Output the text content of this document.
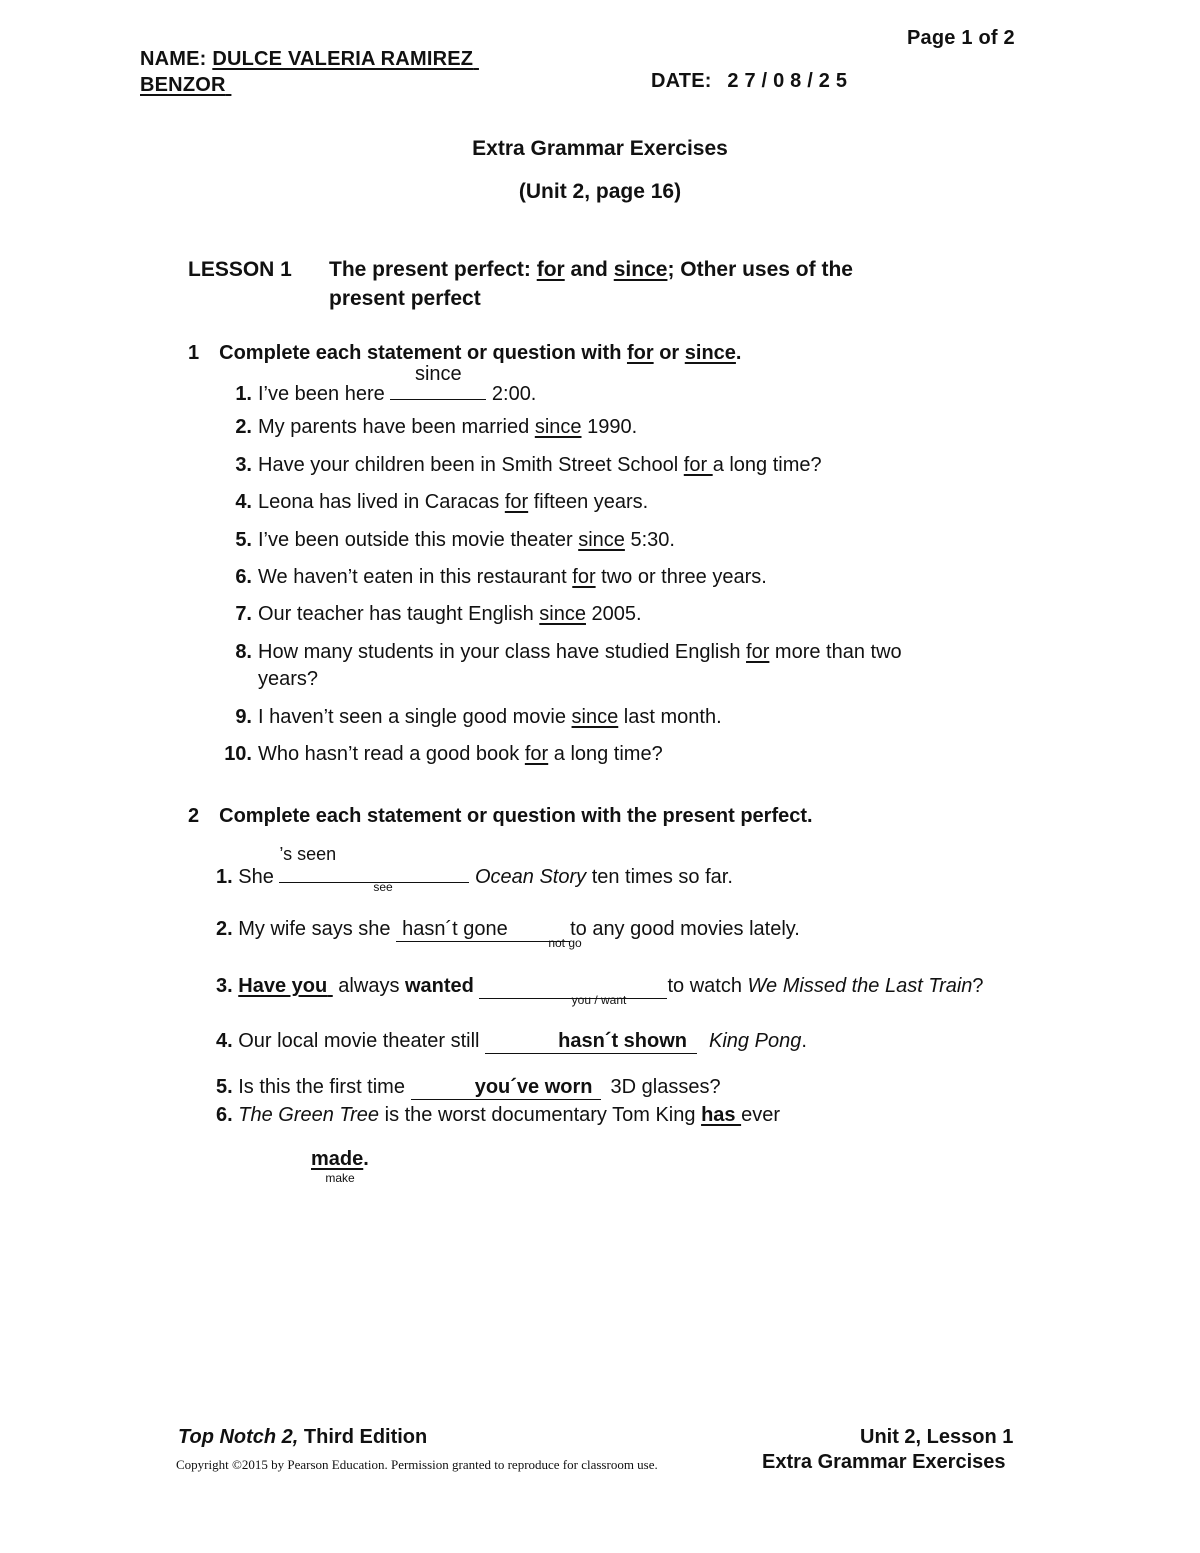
Page 1 of 2
NAME: DULCE VALERIA RAMIREZ
BENZOR	DATE: 2 7 / 0 8 / 2 5
Extra Grammar Exercises
(Unit 2, page 16)
LESSON 1 The present perfect: for and since; Other uses of the
present perfect
1 Complete each statement or question with for or since.
1. I’ve been here
since
2:00.
2. My parents have been married since 1990.
3. Have your children been in Smith Street School for a long time?
4. Leona has lived in Caracas for fifteen years.
5. I’ve been outside this movie theater since 5:30.
6. We haven’t eaten in this restaurant for two or three years.
7. Our teacher has taught English since 2005.
8. How many students in your class have studied English for more than two
years?
9. I haven’t seen a single good movie since last month.
10. Who hasn’t read a good book for a long time?
2 Complete each statement or question with the present perfect.
1. She
’s seen
Ocean Story ten times so far.
see
2. My wife says she hasn´t gone	to any good movies lately.
not go
3. Have you  always wanted	to watch We Missed the Last Train?
you / want
4. Our local movie theater still	hasn´t shown King Pong.
5. Is this the first time	you´ve worn 3D glasses?
6. The Green Tree is the worst documentary Tom King has ever
made.
make
Top Notch 2, Third Edition
Copyright ©2015 by Pearson Education. Permission granted to reproduce for classroom use.
Unit 2, Lesson 1
Extra Grammar Exercises
